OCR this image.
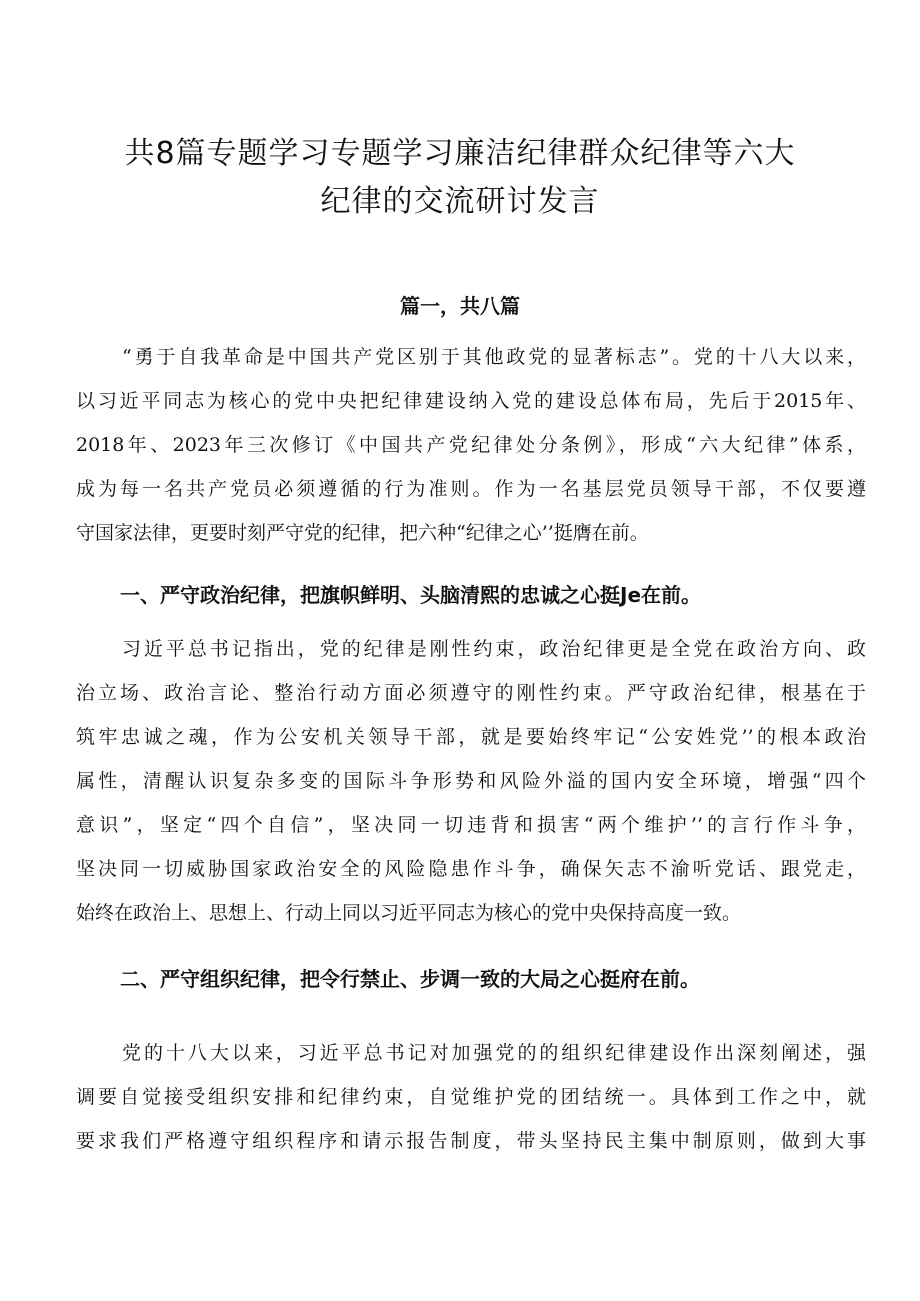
共8篇专题学习专题学习廉洁纪律群众纪律等六大
纪律的交流研讨发言
篇一，共八篇

“勇于自我革命是中国共产党区别于其他政党的显著标志”。党的十八大以来，

以习近平同志为核心的党中央把纪律建设纳入党的建设总体布局，先后于2015年、

2018年、2023年三次修订《中国共产党纪律处分条例》，形成“六大纪律”体系，

成为每一名共产党员必须遵循的行为准则。作为一名基层党员领导干部，不仅要遵

守国家法律，更要时刻严守党的纪律，把六种“纪律之心’’挺膺在前。

一、严守政治纪律，把旗帜鲜明、头脑清熙的忠诚之心挺Je在前。

习近平总书记指出，党的纪律是刚性约束，政治纪律更是全党在政治方向、政

治立场、政治言论、整治行动方面必须遵守的刚性约束。严守政治纪律，根基在于

筑牢忠诚之魂，作为公安机关领导干部，就是要始终牢记“公安姓党’’的根本政治

属性，清醒认识复杂多变的国际斗争形势和风险外溢的国内安全环境，增强“四个

意识”，坚定“四个自信”，坚决同一切违背和损害“两个维护’’的言行作斗争，

坚决同一切威胁国家政治安全的风险隐患作斗争，确保矢志不渝听党话、跟党走，

始终在政治上、思想上、行动上同以习近平同志为核心的党中央保持高度一致。

二、严守组织纪律，把令行禁止、步调一致的大局之心挺府在前。

党的十八大以来，习近平总书记对加强党的的组织纪律建设作出深刻阐述，强

调要自觉接受组织安排和纪律约束，自觉维护党的团结统一。具体到工作之中，就

要求我们严格遵守组织程序和请示报告制度，带头坚持民主集中制原则，做到大事
